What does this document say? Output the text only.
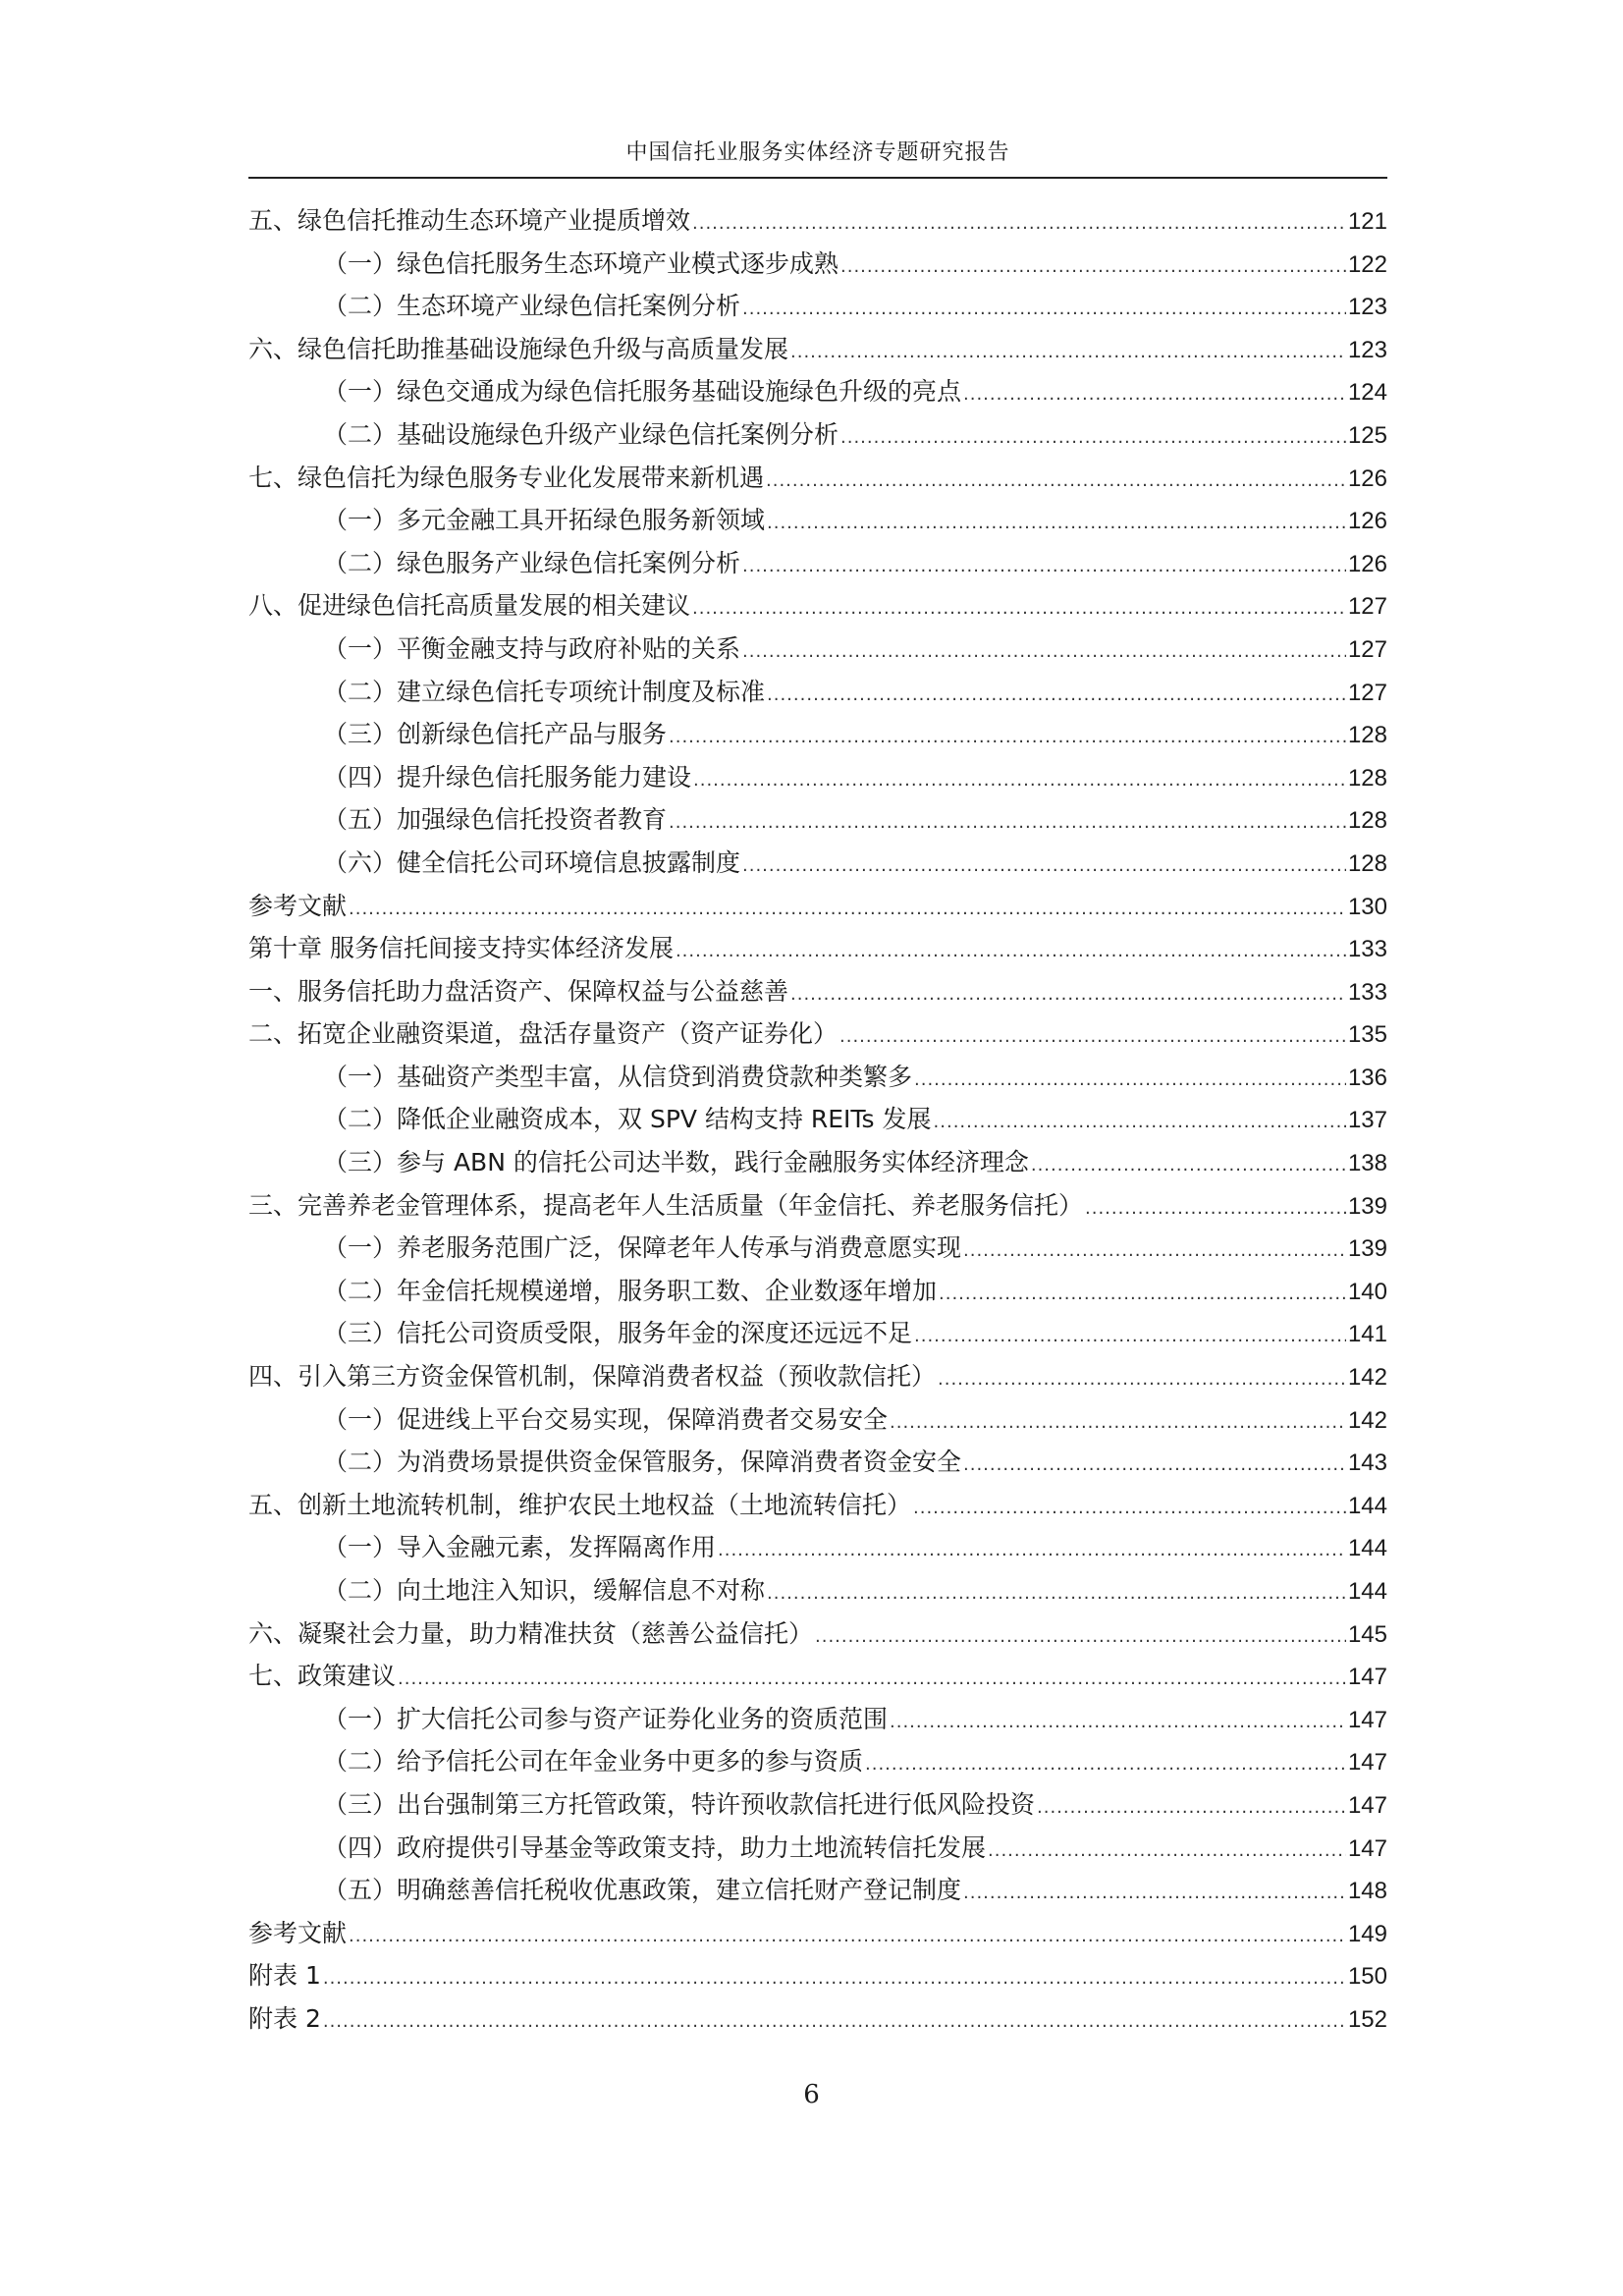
中国信托业服务实体经济专题研究报告
五、绿色信托推动生态环境产业提质增效 .....	121
（一）绿色信托服务生态环境产业模式逐步成熟 .....	122
（二）生态环境产业绿色信托案例分析 .....	123
六、绿色信托助推基础设施绿色升级与高质量发展 .....	123
（一）绿色交通成为绿色信托服务基础设施绿色升级的亮点 .....	124
（二）基础设施绿色升级产业绿色信托案例分析 .....	125
七、绿色信托为绿色服务专业化发展带来新机遇 .....	126
（一）多元金融工具开拓绿色服务新领域 .....	126
（二）绿色服务产业绿色信托案例分析 .....	126
八、促进绿色信托高质量发展的相关建议 .....	127
（一）平衡金融支持与政府补贴的关系 .....	127
（二）建立绿色信托专项统计制度及标准 .....	127
（三）创新绿色信托产品与服务 .....	128
（四）提升绿色信托服务能力建设 .....	128
（五）加强绿色信托投资者教育 .....	128
（六）健全信托公司环境信息披露制度 .....	128
参考文献 .....	130
第十章 服务信托间接支持实体经济发展 .....	133
一、服务信托助力盘活资产、保障权益与公益慈善 .....	133
二、拓宽企业融资渠道，盘活存量资产（资产证券化） .....	135
（一）基础资产类型丰富，从信贷到消费贷款种类繁多 .....	136
（二）降低企业融资成本，双 SPV 结构支持 REITs 发展 .....	137
（三）参与 ABN 的信托公司达半数，践行金融服务实体经济理念 .....	138
三、完善养老金管理体系，提高老年人生活质量（年金信托、养老服务信托） .....	139
（一）养老服务范围广泛，保障老年人传承与消费意愿实现 .....	139
（二）年金信托规模递增，服务职工数、企业数逐年增加 .....	140
（三）信托公司资质受限，服务年金的深度还远远不足 .....	141
四、引入第三方资金保管机制，保障消费者权益（预收款信托） .....	142
（一）促进线上平台交易实现，保障消费者交易安全 .....	142
（二）为消费场景提供资金保管服务，保障消费者资金安全 .....	143
五、创新土地流转机制，维护农民土地权益（土地流转信托） .....	144
（一）导入金融元素，发挥隔离作用 .....	144
（二）向土地注入知识，缓解信息不对称 .....	144
六、凝聚社会力量，助力精准扶贫（慈善公益信托） .....	145
七、政策建议 .....	147
（一）扩大信托公司参与资产证券化业务的资质范围 .....	147
（二）给予信托公司在年金业务中更多的参与资质 .....	147
（三）出台强制第三方托管政策，特许预收款信托进行低风险投资 .....	147
（四）政府提供引导基金等政策支持，助力土地流转信托发展 .....	147
（五）明确慈善信托税收优惠政策，建立信托财产登记制度 .....	148
参考文献 .....	149
附表 1 .....	150
附表 2 .....	152
6
